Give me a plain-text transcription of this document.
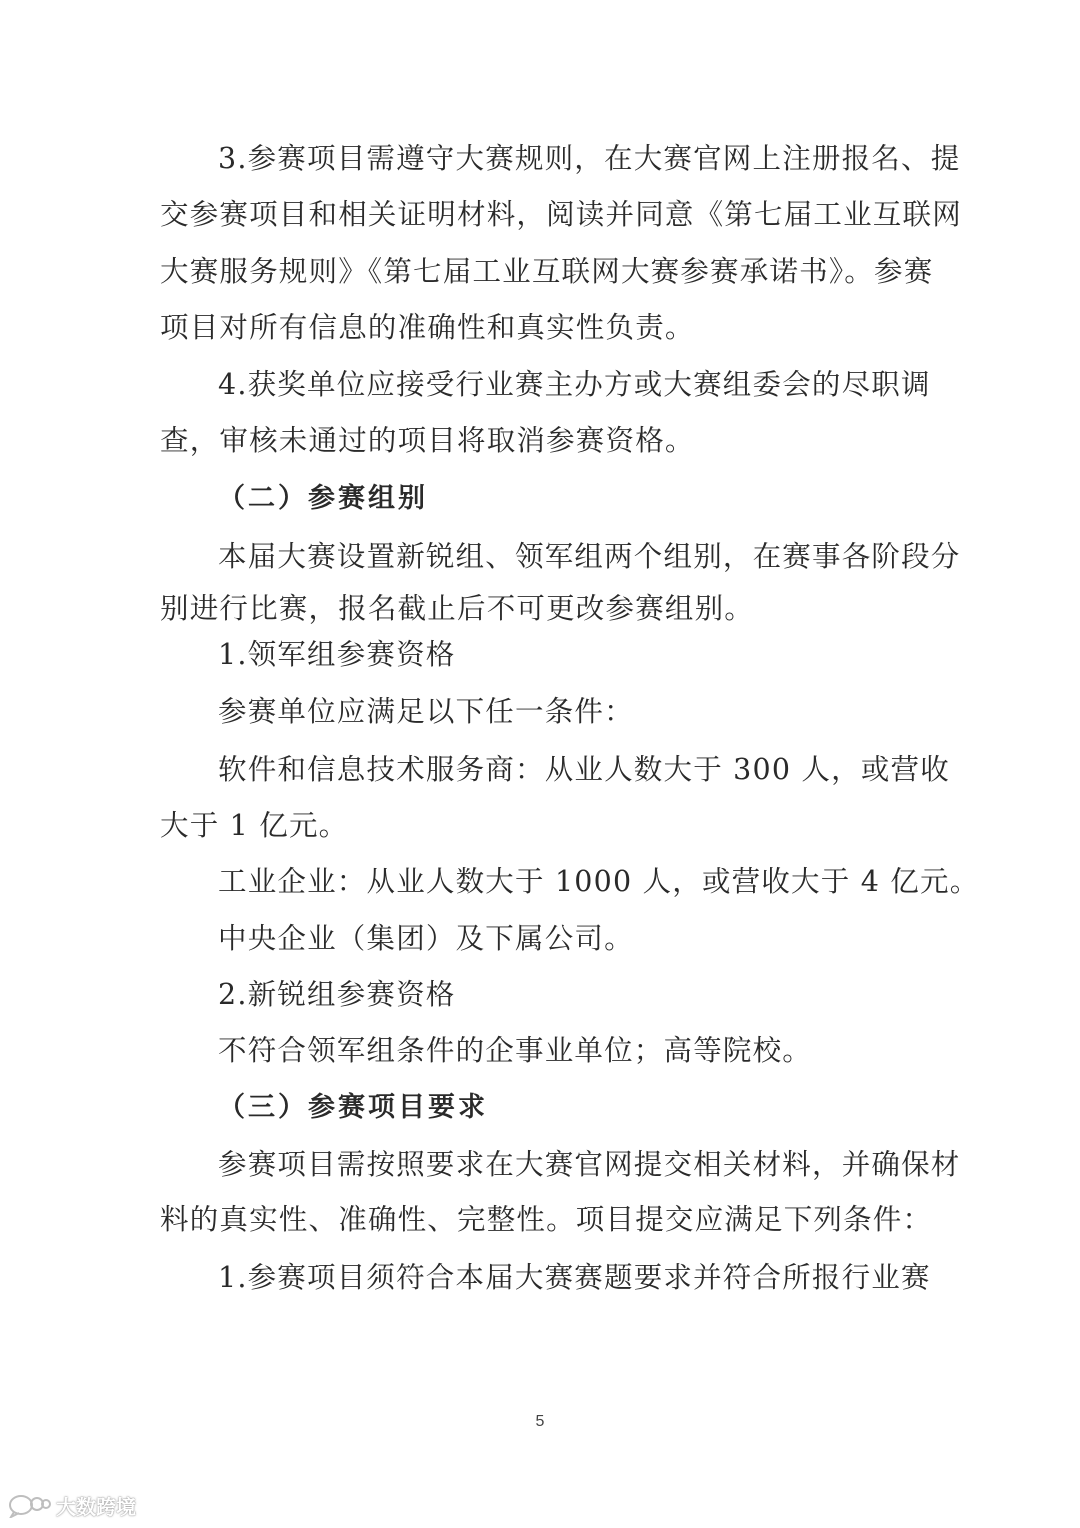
3.参赛项目需遵守大赛规则，在大赛官网上注册报名、提
交参赛项目和相关证明材料，阅读并同意《第七届工业互联网
大赛服务规则》《第七届工业互联网大赛参赛承诺书》。参赛
项目对所有信息的准确性和真实性负责。
4.获奖单位应接受行业赛主办方或大赛组委会的尽职调
查，审核未通过的项目将取消参赛资格。
（二）参赛组别
本届大赛设置新锐组、领军组两个组别，在赛事各阶段分
别进行比赛，报名截止后不可更改参赛组别。
1.领军组参赛资格
参赛单位应满足以下任一条件：
软件和信息技术服务商：从业人数大于 300 人，或营收
大于 1 亿元。
工业企业：从业人数大于 1000 人，或营收大于 4 亿元。
中央企业（集团）及下属公司。
2.新锐组参赛资格
不符合领军组条件的企事业单位；高等院校。
（三）参赛项目要求
参赛项目需按照要求在大赛官网提交相关材料，并确保材
料的真实性、准确性、完整性。项目提交应满足下列条件：
1.参赛项目须符合本届大赛赛题要求并符合所报行业赛
5
大数跨境
